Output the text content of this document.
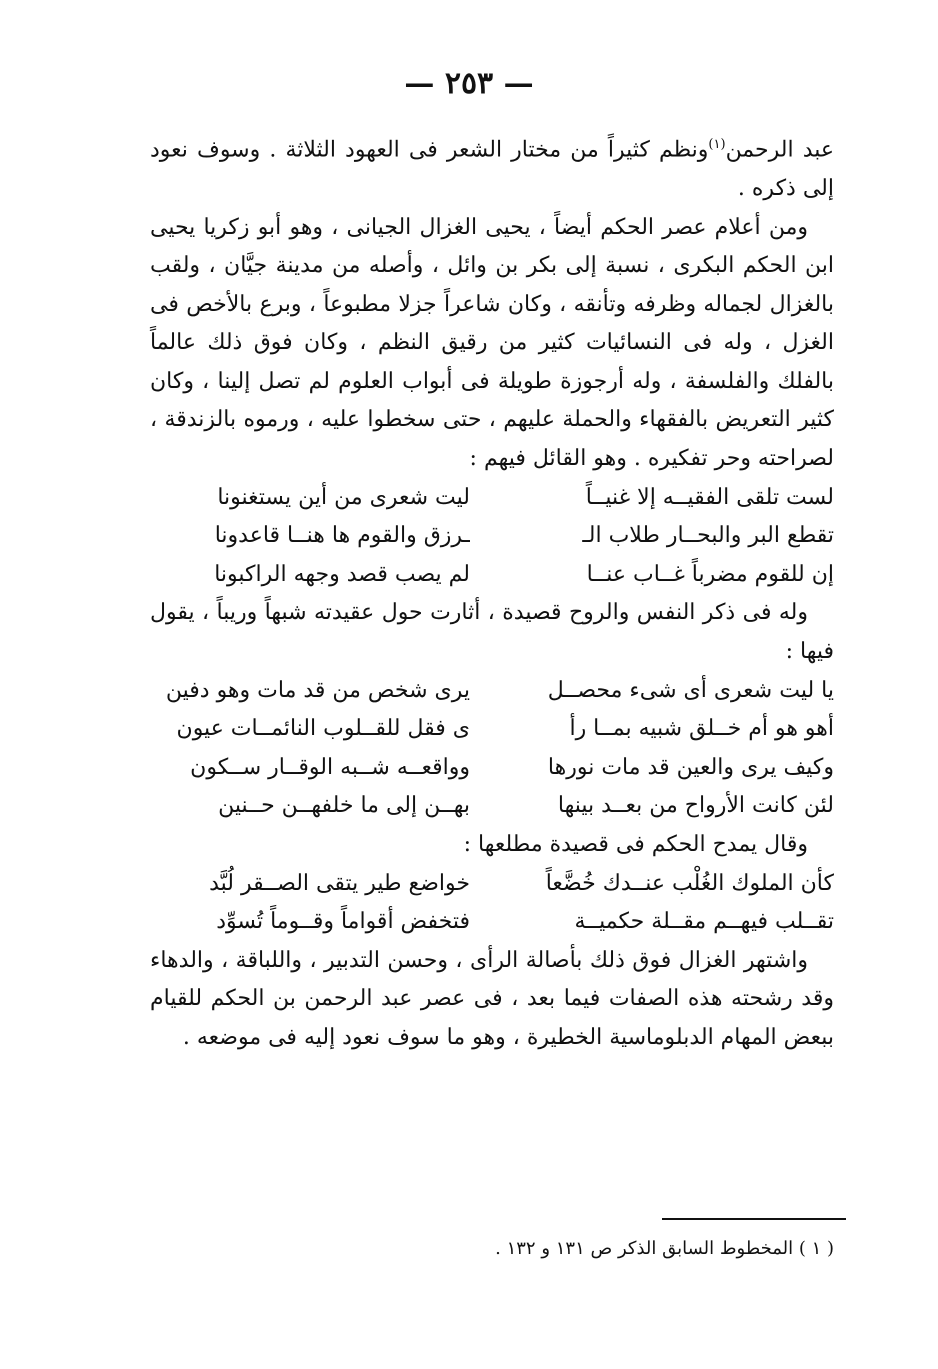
— ٢٥٣ —

عبد الرحمن$^{(١)}$ونظم كثيراً من مختار الشعر فى العهود الثلاثة . وسوف نعود إلى ذكره .

ومن أعلام عصر الحكم أيضاً ، يحيى الغزال الجيانى ، وهو أبو زكريا يحيى ابن الحكم البكرى ، نسبة إلى بكر بن وائل ، وأصله من مدينة جيَّان ، ولقب بالغزال لجماله وظرفه وتأنقه ، وكان شاعراً جزلا مطبوعاً ، وبرع بالأخص فى الغزل ، وله فى النسائيات كثير من رقيق النظم ، وكان فوق ذلك عالماً بالفلك والفلسفة ، وله أرجوزة طويلة فى أبواب العلوم لم تصل إلينا ، وكان كثير التعريض بالفقهاء والحملة عليهم ، حتى سخطوا عليه ، ورموه بالزندقة ، لصراحته وحر تفكيره . وهو القائل فيهم :

لست تلقى الفقيــه إلا غنيــاً
ليت شعرى من أين يستغنونا
تقطع البر والبحــار طلاب الـ
ـرزق والقوم ها هنــا قاعدونا
إن للقوم مضرباً غــاب عنــا
لم يصب قصد وجهه الراكبونا

وله فى ذكر النفس والروح قصيدة ، أثارت حول عقيدته شبهاً وريباً ، يقول فيها :

يا ليت شعرى أى شىء محصــل
يرى شخص من قد مات وهو دفين
أهو هو أم خــلق شبيه بمــا رأ
ى فقل للقــلوب النائمــات عيون
وكيف يرى والعين قد مات نورها
وواقعــه شــبه الوقــار ســكون
لئن كانت الأرواح من بعــد بينها
بهــن إلى ما خلفهــن حــنين

وقال يمدح الحكم فى قصيدة مطلعها :

كأن الملوك الغُلْب عنــدك خُضَّعاً
خواضع طير يتقى الصــقر لُبَّد
تقــلب فيهــم مقــلة حكميــة
فتخفض أقواماً وقــوماً تُسوِّد

واشتهر الغزال فوق ذلك بأصالة الرأى ، وحسن التدبير ، واللباقة ، والدهاء وقد رشحته هذه الصفات فيما بعد ، فى عصر عبد الرحمن بن الحكم للقيام ببعض المهام الدبلوماسية الخطيرة ، وهو ما سوف نعود إليه فى موضعه .

( ١ ) المخطوط السابق الذكر ص ١٣١ و ١٣٢ .
